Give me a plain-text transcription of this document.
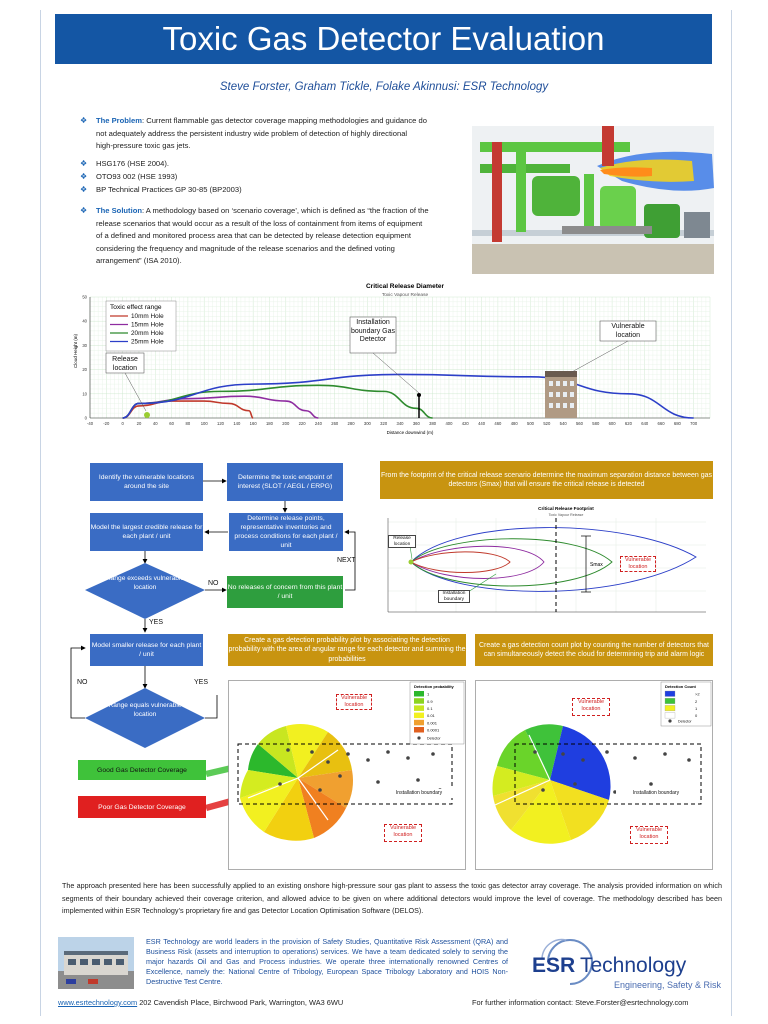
Toxic Gas Detector Evaluation
Steve Forster, Graham Tickle, Folake Akinnusi: ESR Technology
❖ The Problem: Current flammable gas detector coverage mapping methodologies and guidance do
not adequately address the persistent industry wide problem of detection of highly directional
high-pressure toxic gas jets.
❖ HSG176 (HSE 2004).
❖ OTO93 002 (HSE 1993)
❖ BP Technical Practices GP 30-85 (BP2003)
❖ The Solution: A methodology based on ‘scenario coverage’, which is defined as “the fraction of the
release scenarios that would occur as a result of the loss of containment from items of equipment
of a defined and monitored process area that can be detected by release detection equipment
considering the frequency and magnitude of the release scenarios and the defined voting
arrangement” (ISA 2010).
Critical Release Diameter
Toxic Vapour Release
-40 -20	0	20	40	60	80 100 120 140 160 180 200 220 240 260 280 300 320 340 360 380 400 420 440 460 480 500 520 540 560 580 600 620 640 660 680 700
0
10
20
30
40
50
Cloud Height (m)
Distance downwind (m)
Toxic effect range
10mm Hole
15mm Hole
20mm Hole
25mm Hole
Installation boundary Gas Detector
Vulnerable location
Release location
Identify the vulnerable locations around the site
Determine the toxic endpoint of interest (SLOT / AEGL / ERPG)
Determine release points, representative inventories and process conditions for each plant / unit
Model the largest credible release for each plant / unit
Range exceeds vulnerable location	NO
No releases of concern from this plant / unit
NEXT
YES
Model smaller release for each plant / unit
NO	YES
Range equals vulnerable location
Good Gas Detector Coverage
Poor Gas Detector Coverage
From the footprint of the critical release scenario determine the maximum separation distance between gas detectors (Smax) that will ensure the critical release is detected
Critical Release Footprint
Toxic Vapour Release
Smax
Release location
Installation boundary
Vulnerable location
Create a gas detection probability plot by associating the detection probability with the area of angular range for each detector and summing the probabilities
Create a gas detection count plot by counting the number of detectors that can simultaneously detect the cloud for determining trip and alarm logic
1
0.9
0.1
0.01
0.001
0.0001
Detector
Detection probability
Vulnerable location
Vulnerable location
Installation boundary
>2
2
1
0
Detector
Detection Count
Vulnerable location
Vulnerable location
Installation boundary
The approach presented here has been successfully applied to an existing onshore high-pressure sour gas plant to assess the toxic gas detector array coverage. The analysis provided information on which segments of their boundary achieved their coverage criterion, and allowed advice to be given on where additional detectors would improve the level of coverage. The methodology described has been implemented within ESR Technology’s proprietary fire and gas Detector Location Optimisation Software (DELOS).
ESR Technology are world leaders in the provision of Safety Studies, Quantitative Risk Assessment (QRA) and Business Risk (assets and interruption to operations) services. We have a team dedicated solely to serving the major hazards Oil and Gas and Process industries. We operate three internationally renowned Centres of Excellence, namely the: National Centre of Tribology, European Space Tribology Laboratory and HOIS Non-Destructive Test Centre.
ESR Technology
Engineering, Safety & Risk
www.esrtechnology.com 202 Cavendish Place, Birchwood Park, Warrington, WA3 6WU	For further information contact: Steve.Forster@esrtechnology.com
